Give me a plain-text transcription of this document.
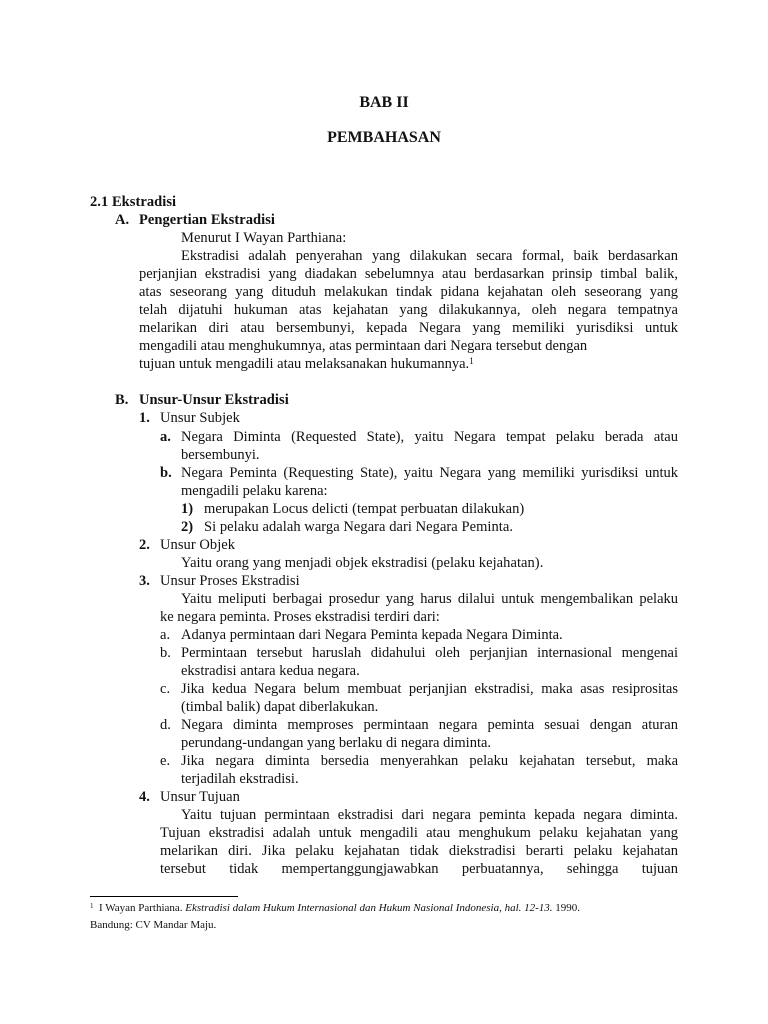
BAB II
PEMBAHASAN
2.1 Ekstradisi
A. Pengertian Ekstradisi
Menurut I Wayan Parthiana:
Ekstradisi adalah penyerahan yang dilakukan secara formal, baik berdasarkan
perjanjian ekstradisi yang diadakan sebelumnya atau berdasarkan prinsip timbal balik,
atas seseorang yang dituduh melakukan tindak pidana kejahatan oleh seseorang yang
telah dijatuhi hukuman atas kejahatan yang dilakukannya, oleh negara tempatnya
melarikan diri atau bersembunyi, kepada Negara yang memiliki yurisdiksi untuk
mengadili atau menghukumnya, atas permintaan dari Negara tersebut dengan
tujuan untuk mengadili atau melaksanakan hukumannya.$^1$
B. Unsur-Unsur Ekstradisi
1. Unsur Subjek
a. Negara Diminta (Requested State), yaitu Negara tempat pelaku berada atau
bersembunyi.
b. Negara Peminta (Requesting State), yaitu Negara yang memiliki yurisdiksi untuk
mengadili pelaku karena:
1) merupakan Locus delicti (tempat perbuatan dilakukan)
2) Si pelaku adalah warga Negara dari Negara Peminta.
2. Unsur Objek
Yaitu orang yang menjadi objek ekstradisi (pelaku kejahatan).
3. Unsur Proses Ekstradisi
Yaitu meliputi berbagai prosedur yang harus dilalui untuk mengembalikan pelaku
ke negara peminta. Proses ekstradisi terdiri dari:
a. Adanya permintaan dari Negara Peminta kepada Negara Diminta.
b. Permintaan tersebut haruslah didahului oleh perjanjian internasional mengenai
ekstradisi antara kedua negara.
c. Jika kedua Negara belum membuat perjanjian ekstradisi, maka asas resiprositas
(timbal balik) dapat diberlakukan.
d. Negara diminta memproses permintaan negara peminta sesuai dengan aturan
perundang-undangan yang berlaku di negara diminta.
e. Jika negara diminta bersedia menyerahkan pelaku kejahatan tersebut, maka
terjadilah ekstradisi.
4. Unsur Tujuan
Yaitu tujuan permintaan ekstradisi dari negara peminta kepada negara diminta.
Tujuan ekstradisi adalah untuk mengadili atau menghukum pelaku kejahatan yang
melarikan diri. Jika pelaku kejahatan tidak diekstradisi berarti pelaku kejahatan
tersebut tidak mempertanggungjawabkan perbuatannya, sehingga tujuan
$^1$ I Wayan Parthiana. Ekstradisi dalam Hukum Internasional dan Hukum Nasional Indonesia, hal. 12-13. 1990.
Bandung: CV Mandar Maju.
